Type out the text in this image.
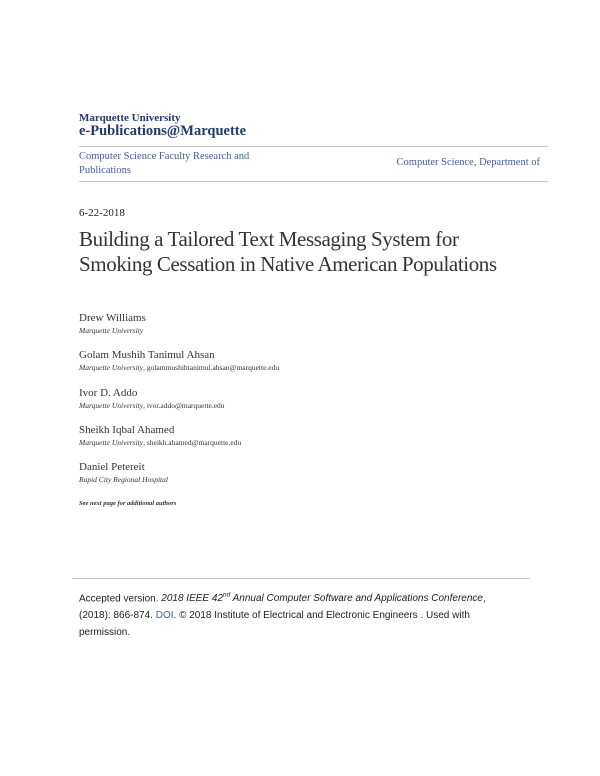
Marquette University
e-Publications@Marquette
Computer Science Faculty Research and Publications
Computer Science, Department of
6-22-2018
Building a Tailored Text Messaging System for Smoking Cessation in Native American Populations
Drew Williams
Marquette University
Golam Mushih Tanimul Ahsan
Marquette University, golammushihtanimul.ahsan@marquette.edu
Ivor D. Addo
Marquette University, ivor.addo@marquette.edu
Sheikh Iqbal Ahamed
Marquette University, sheikh.ahamed@marquette.edu
Daniel Petereit
Rapid City Regional Hospital
See next page for additional authors
Accepted version. 2018 IEEE 42nd Annual Computer Software and Applications Conference, (2018): 866-874. DOI. © 2018 Institute of Electrical and Electronic Engineers . Used with permission.
